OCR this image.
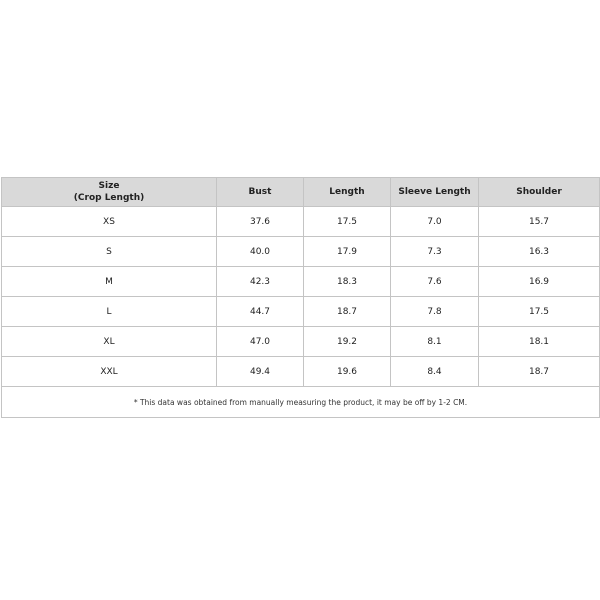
Size
(Crop Length)	Bust	Length	Sleeve Length	Shoulder
XS	37.6	17.5	7.0	15.7
S	40.0	17.9	7.3	16.3
M	42.3	18.3	7.6	16.9
L	44.7	18.7	7.8	17.5
XL	47.0	19.2	8.1	18.1
XXL	49.4	19.6	8.4	18.7
* This data was obtained from manually measuring the product, it may be off by 1-2 CM.				
